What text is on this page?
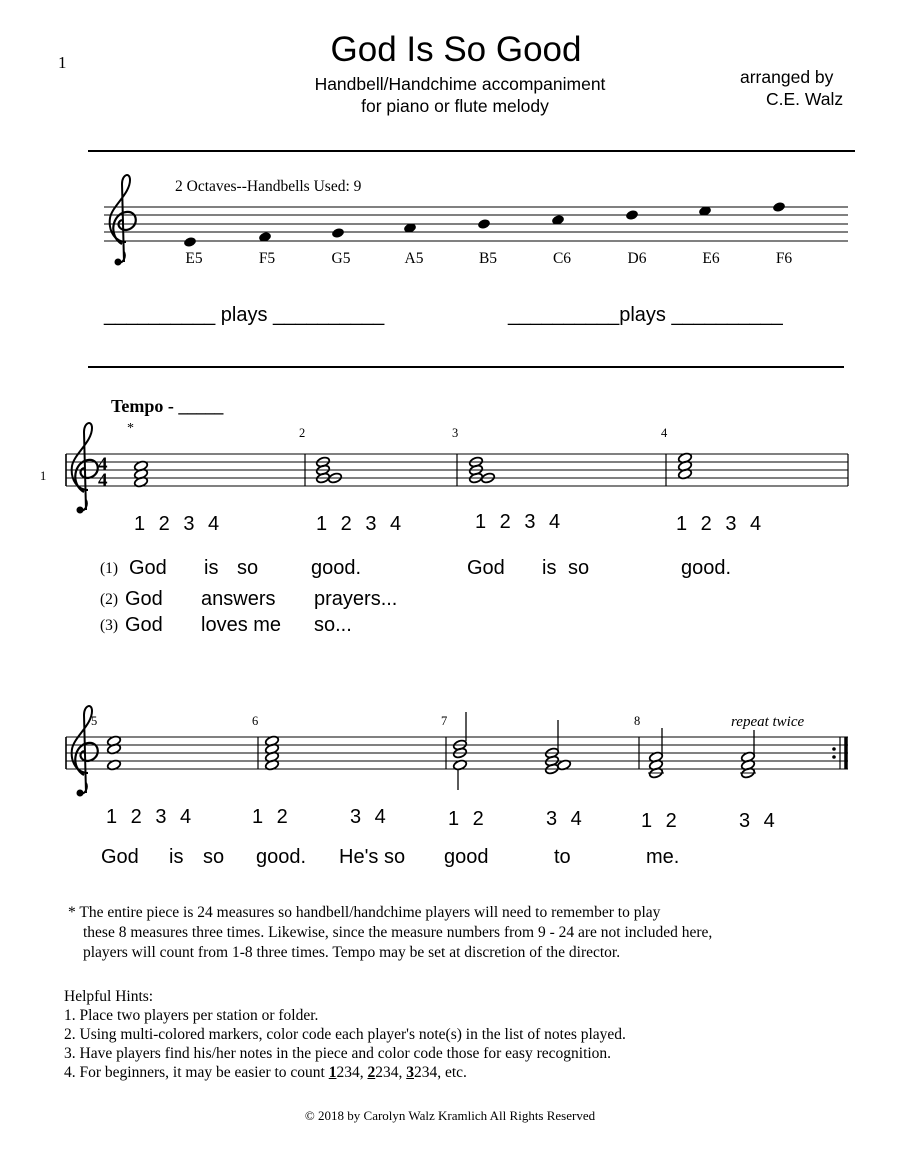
1	God Is So Good
Handbell/Handchime accompaniment
for piano or flute melody
arranged by
C.E. Walz
2 Octaves--Handbells Used: 9
4
4
E5	F5	G5	A5	B5	C6	D6	E6	F6
__________ plays __________	__________plays __________
Tempo - _____
*
1
2	3	4
1 2 3 4	1 2 3 4	1 2 3 4	1 2 3 4
(1) God is so	good.	God is so	good.
(2) God answers prayers...
(3) God loves me so...
5	6	7	8	repeat twice
1 2 3 4	1 2	3 4	1 2	3 4	1 2	3 4
God is so good. He's so good	to	me.
* The entire piece is 24 measures so handbell/handchime players will need to remember to play
these 8 measures three times. Likewise, since the measure numbers from 9 - 24 are not included here,
players will count from 1-8 three times. Tempo may be set at discretion of the director.
Helpful Hints:
1. Place two players per station or folder.
2. Using multi-colored markers, color code each player's note(s) in the list of notes played.
3. Have players find his/her notes in the piece and color code those for easy recognition.
4. For beginners, it may be easier to count 1234, 2234, 3234, etc.
© 2018 by Carolyn Walz Kramlich All Rights Reserved
